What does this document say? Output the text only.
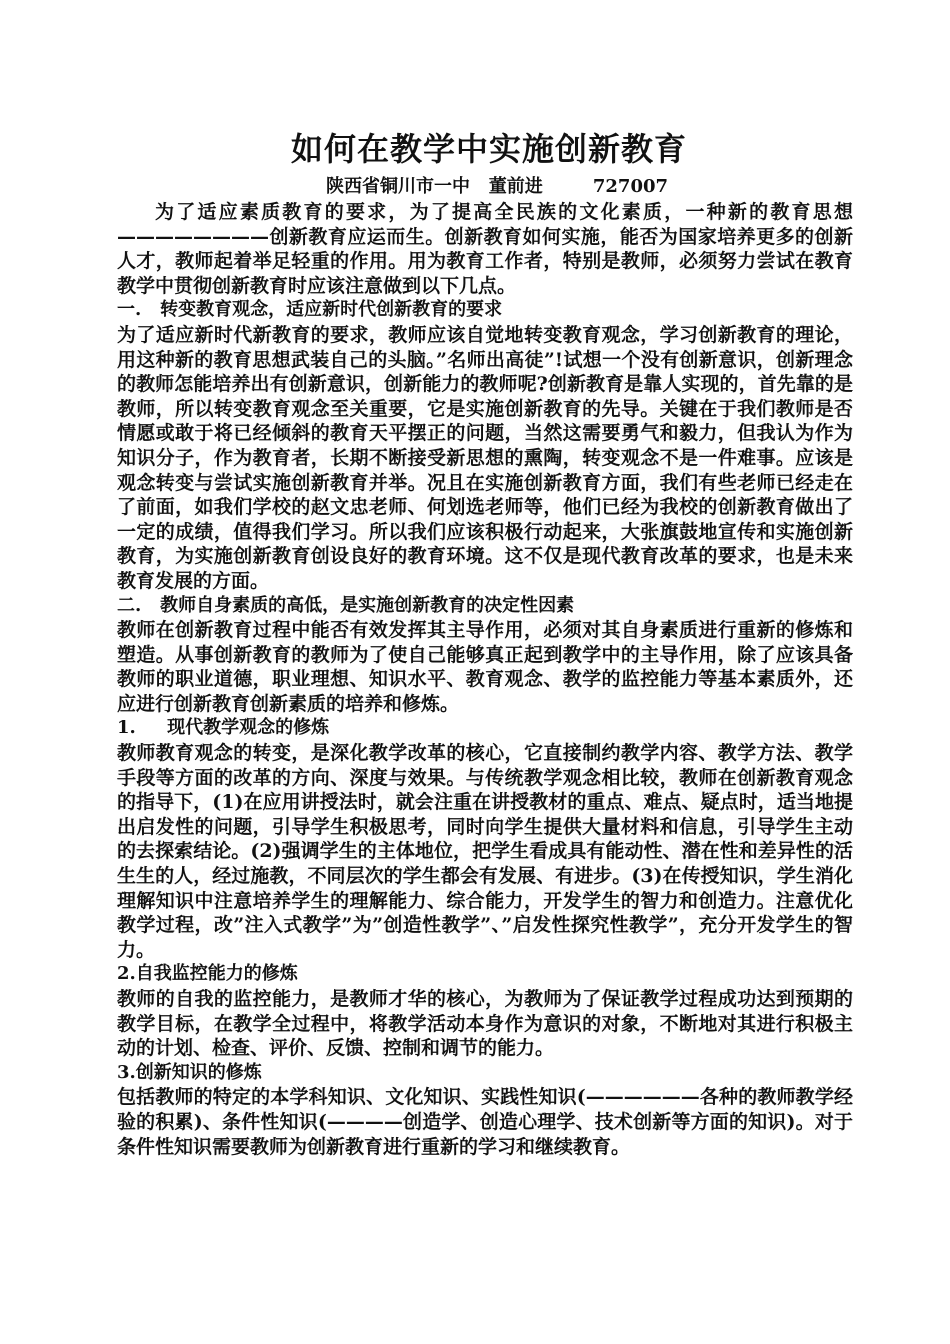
如何在教学中实施创新教育
陕西省铜川市一中   董前进        727007

为了适应素质教育的要求，为了提高全民族的文化素质，一种新的教育思想————————创新教育应运而生。创新教育如何实施，能否为国家培养更多的创新人才，教师起着举足轻重的作用。用为教育工作者，特别是教师，必须努力尝试在教育教学中贯彻创新教育时应该注意做到以下几点。

一.   转变教育观念，适应新时代创新教育的要求

为了适应新时代新教育的要求，教师应该自觉地转变教育观念，学习创新教育的理论，用这种新的教育思想武装自己的头脑。”名师出高徒”!试想一个没有创新意识，创新理念的教师怎能培养出有创新意识，创新能力的教师呢?创新教育是靠人实现的，首先靠的是教师，所以转变教育观念至关重要，它是实施创新教育的先导。关键在于我们教师是否情愿或敢于将已经倾斜的教育天平摆正的问题，当然这需要勇气和毅力，但我认为作为知识分子，作为教育者，长期不断接受新思想的熏陶，转变观念不是一件难事。应该是观念转变与尝试实施创新教育并举。况且在实施创新教育方面，我们有些老师已经走在了前面，如我们学校的赵文忠老师、何划选老师等，他们已经为我校的创新教育做出了一定的成绩，值得我们学习。所以我们应该积极行动起来，大张旗鼓地宣传和实施创新教育，为实施创新教育创设良好的教育环境。这不仅是现代教育改革的要求，也是未来教育发展的方面。

二.   教师自身素质的高低，是实施创新教育的决定性因素

教师在创新教育过程中能否有效发挥其主导作用，必须对其自身素质进行重新的修炼和塑造。从事创新教育的教师为了使自己能够真正起到教学中的主导作用，除了应该具备教师的职业道德，职业理想、知识水平、教育观念、教学的监控能力等基本素质外，还应进行创新教育创新素质的培养和修炼。

1.     现代教学观念的修炼

教师教育观念的转变，是深化教学改革的核心，它直接制约教学内容、教学方法、教学手段等方面的改革的方向、深度与效果。与传统教学观念相比较，教师在创新教育观念的指导下，(1)在应用讲授法时，就会注重在讲授教材的重点、难点、疑点时，适当地提出启发性的问题，引导学生积极思考，同时向学生提供大量材料和信息，引导学生主动的去探索结论。(2)强调学生的主体地位，把学生看成具有能动性、潜在性和差异性的活生生的人，经过施教，不同层次的学生都会有发展、有进步。(3)在传授知识，学生消化理解知识中注意培养学生的理解能力、综合能力，开发学生的智力和创造力。注意优化教学过程，改”注入式教学”为”创造性教学”、”启发性探究性教学”，充分开发学生的智力。

2.自我监控能力的修炼

教师的自我的监控能力，是教师才华的核心，为教师为了保证教学过程成功达到预期的教学目标，在教学全过程中，将教学活动本身作为意识的对象，不断地对其进行积极主动的计划、检查、评价、反馈、控制和调节的能力。

3.创新知识的修炼

包括教师的特定的本学科知识、文化知识、实践性知识(——————各种的教师教学经验的积累)、条件性知识(————创造学、创造心理学、技术创新等方面的知识)。对于条件性知识需要教师为创新教育进行重新的学习和继续教育。
